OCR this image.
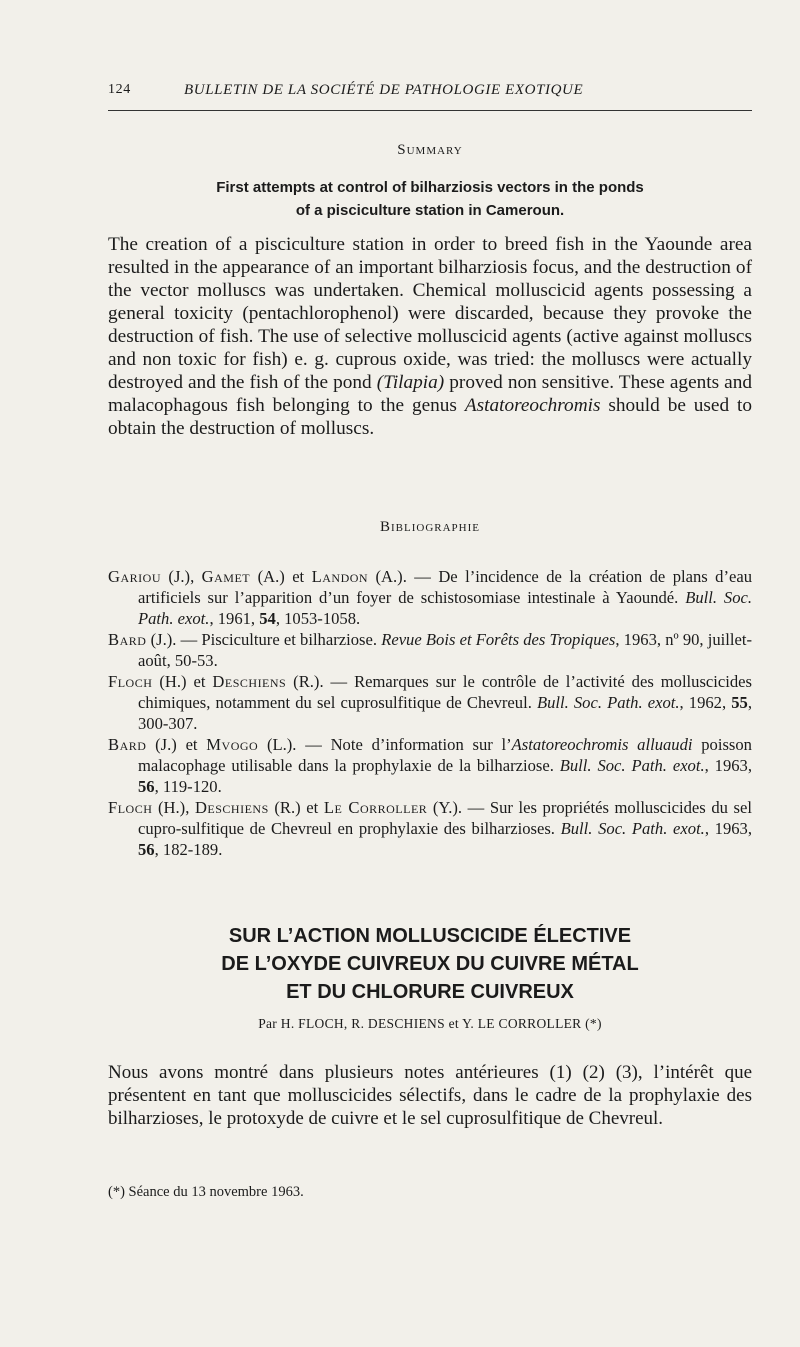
124	BULLETIN DE LA SOCIÉTÉ DE PATHOLOGIE EXOTIQUE
Summary
First attempts at control of bilharziosis vectors in the ponds
of a pisciculture station in Cameroun.
The creation of a pisciculture station in order to breed fish in the Yaounde area resulted in the appearance of an important bilharziosis focus, and the destruction of the vector molluscs was undertaken. Chemical molluscicid agents possessing a general toxicity (pentachlorophenol) were discarded, because they provoke the destruction of fish. The use of selective molluscicid agents (active against molluscs and non toxic for fish) e. g. cuprous oxide, was tried: the molluscs were actually destroyed and the fish of the pond (Tilapia) proved non sensitive. These agents and malacophagous fish belonging to the genus Astatoreochromis should be used to obtain the destruction of molluscs.
Bibliographie

Gariou (J.), Gamet (A.) et Landon (A.). — De l’incidence de la création de plans d’eau artificiels sur l’apparition d’un foyer de schistosomiase intestinale à Yaoundé. Bull. Soc. Path. exot., 1961, 54, 1053-1058.

Bard (J.). — Pisciculture et bilharziose. Revue Bois et Forêts des Tropiques, 1963, nº 90, juillet-août, 50-53.

Floch (H.) et Deschiens (R.). — Remarques sur le contrôle de l’activité des molluscicides chimiques, notamment du sel cuprosulfitique de Chevreul. Bull. Soc. Path. exot., 1962, 55, 300-307.

Bard (J.) et Mvogo (L.). — Note d’information sur l’Astatoreochromis alluaudi poisson malacophage utilisable dans la prophylaxie de la bilharziose. Bull. Soc. Path. exot., 1963, 56, 119-120.

Floch (H.), Deschiens (R.) et Le Corroller (Y.). — Sur les propriétés molluscicides du sel cupro-sulfitique de Chevreul en prophylaxie des bilharzioses. Bull. Soc. Path. exot., 1963, 56, 182-189.

SUR L’ACTION MOLLUSCICIDE ÉLECTIVE
DE L’OXYDE CUIVREUX DU CUIVRE MÉTAL
ET DU CHLORURE CUIVREUX
Par H. FLOCH, R. DESCHIENS et Y. LE CORROLLER (*)
Nous avons montré dans plusieurs notes antérieures (1) (2) (3), l’intérêt que présentent en tant que molluscicides sélectifs, dans le cadre de la prophylaxie des bilharzioses, le protoxyde de cuivre et le sel cuprosulfitique de Chevreul.
(*) Séance du 13 novembre 1963.
